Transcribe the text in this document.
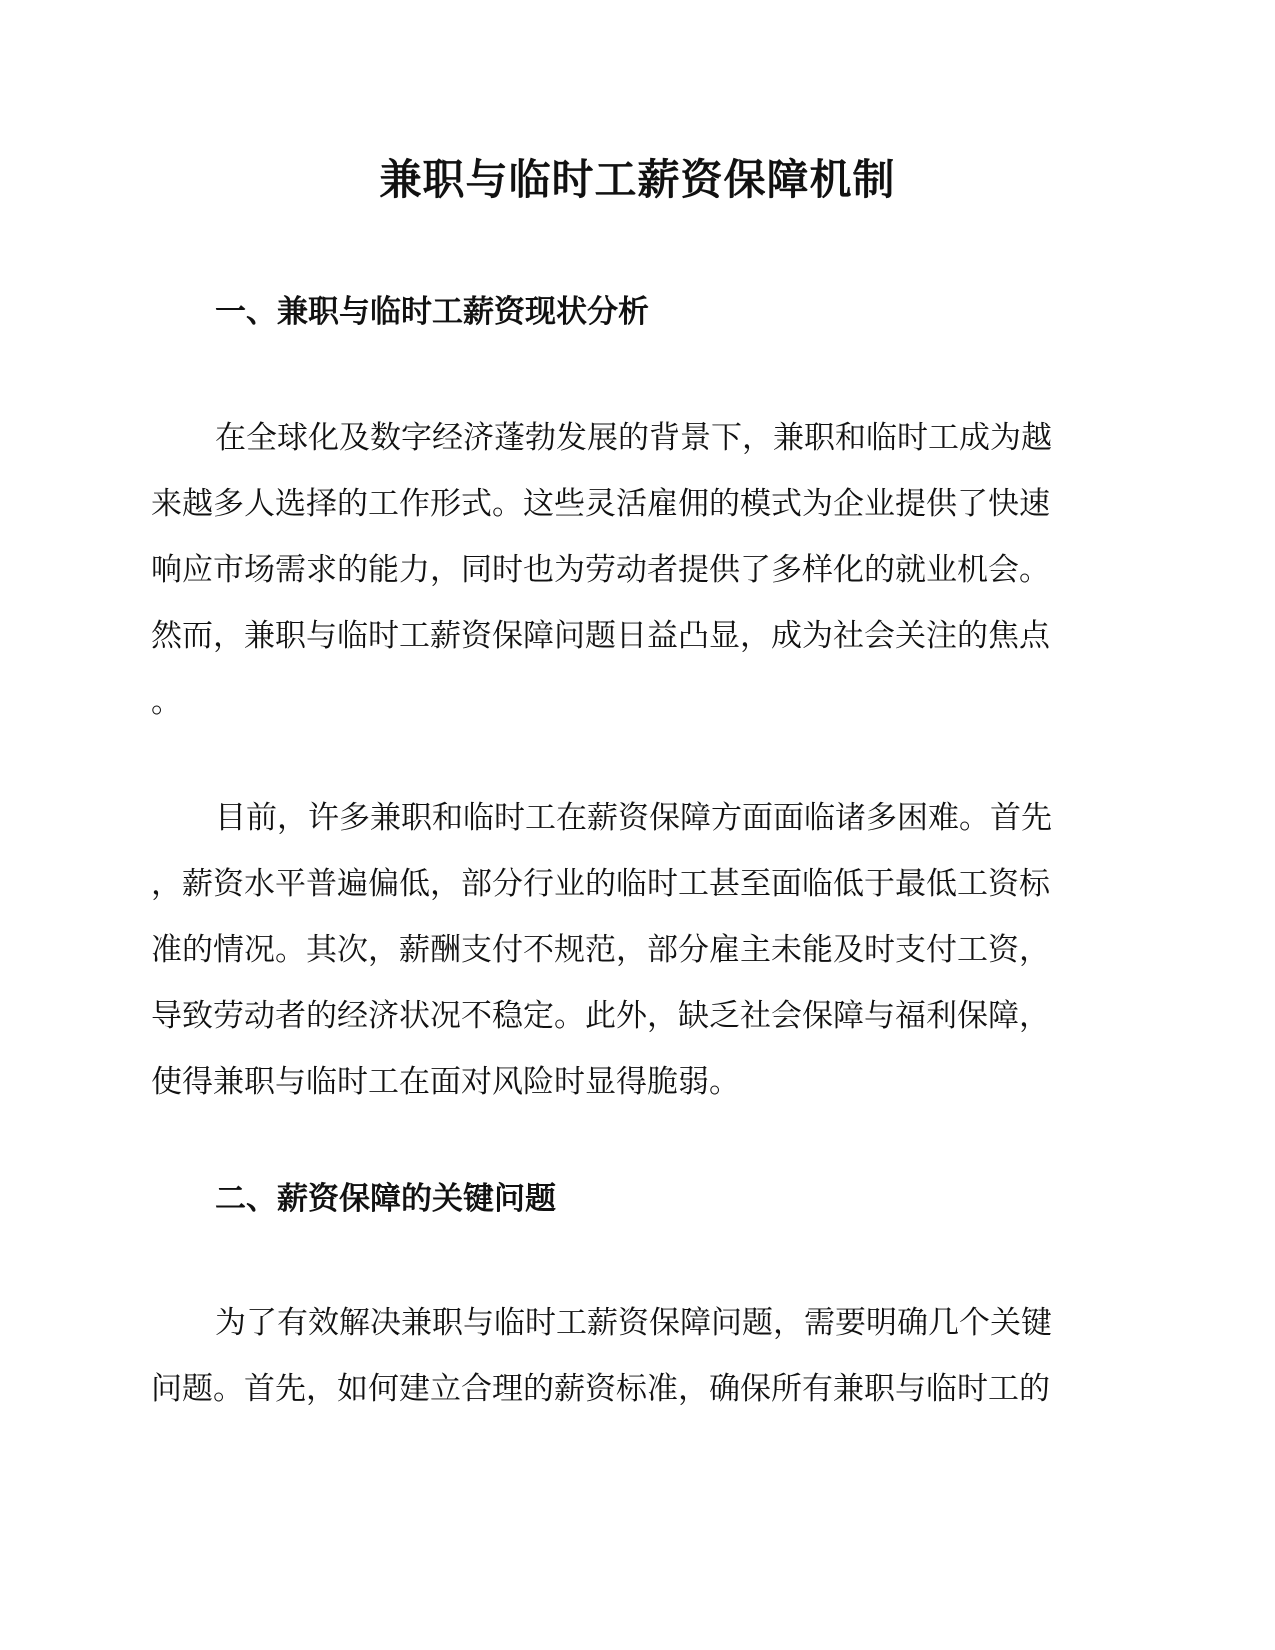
兼职与临时工薪资保障机制
一、兼职与临时工薪资现状分析
在全球化及数字经济蓬勃发展的背景下，兼职和临时工成为越
来越多人选择的工作形式。这些灵活雇佣的模式为企业提供了快速
响应市场需求的能力，同时也为劳动者提供了多样化的就业机会。
然而，兼职与临时工薪资保障问题日益凸显，成为社会关注的焦点
。
目前，许多兼职和临时工在薪资保障方面面临诸多困难。首先
，薪资水平普遍偏低，部分行业的临时工甚至面临低于最低工资标
准的情况。其次，薪酬支付不规范，部分雇主未能及时支付工资，
导致劳动者的经济状况不稳定。此外，缺乏社会保障与福利保障，
使得兼职与临时工在面对风险时显得脆弱。
二、薪资保障的关键问题
为了有效解决兼职与临时工薪资保障问题，需要明确几个关键
问题。首先，如何建立合理的薪资标准，确保所有兼职与临时工的
